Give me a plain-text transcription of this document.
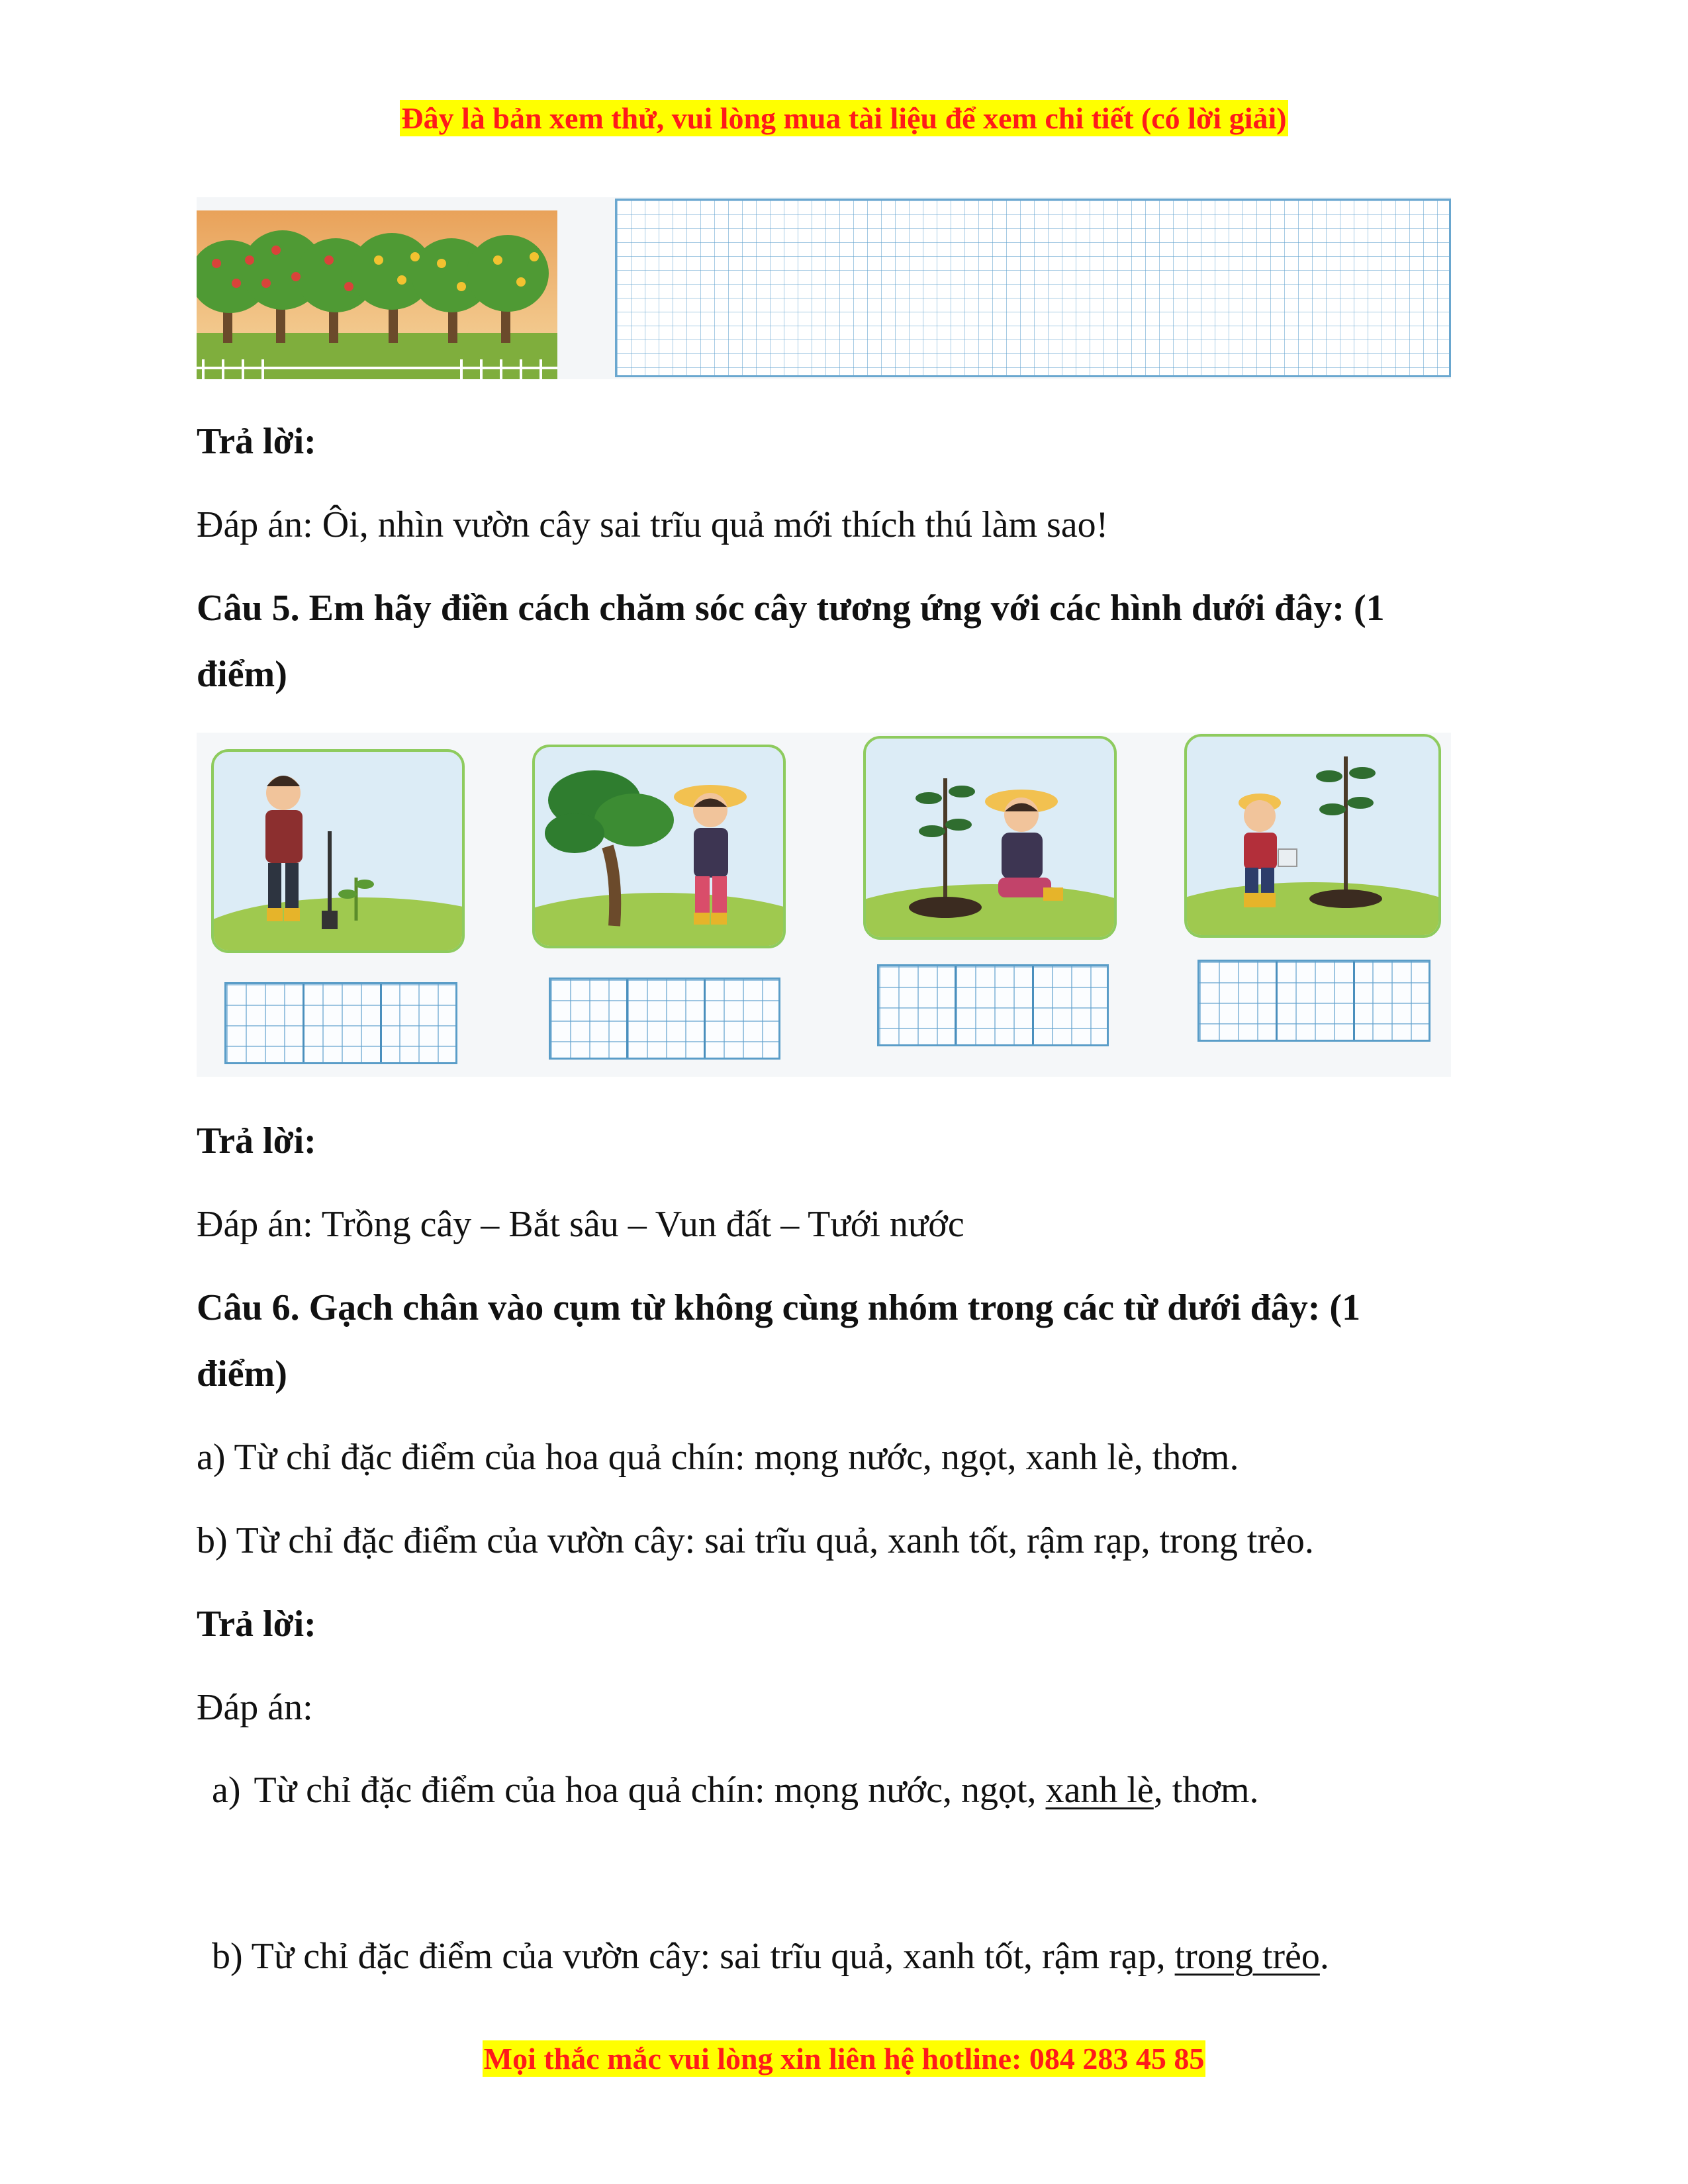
Đây là bản xem thử, vui lòng mua tài liệu để xem chi tiết (có lời giải)
Trả lời:
Đáp án: Ôi, nhìn vườn cây sai trĩu quả mới thích thú làm sao!
Câu 5. Em hãy điền cách chăm sóc cây tương ứng với các hình dưới đây: (1
điểm)
Trả lời:
Đáp án: Trồng cây – Bắt sâu – Vun đất – Tưới nước
Câu 6. Gạch chân vào cụm từ không cùng nhóm trong các từ dưới đây: (1
điểm)
a) Từ chỉ đặc điểm của hoa quả chín: mọng nước, ngọt, xanh lè, thơm.
b) Từ chỉ đặc điểm của vườn cây: sai trĩu quả, xanh tốt, rậm rạp, trong trẻo.
Trả lời:
Đáp án:
a) Từ chỉ đặc điểm của hoa quả chín: mọng nước, ngọt, xanh lè, thơm.
b) Từ chỉ đặc điểm của vườn cây: sai trĩu quả, xanh tốt, rậm rạp, trong trẻo.
Mọi thắc mắc vui lòng xin liên hệ hotline: 084 283 45 85
